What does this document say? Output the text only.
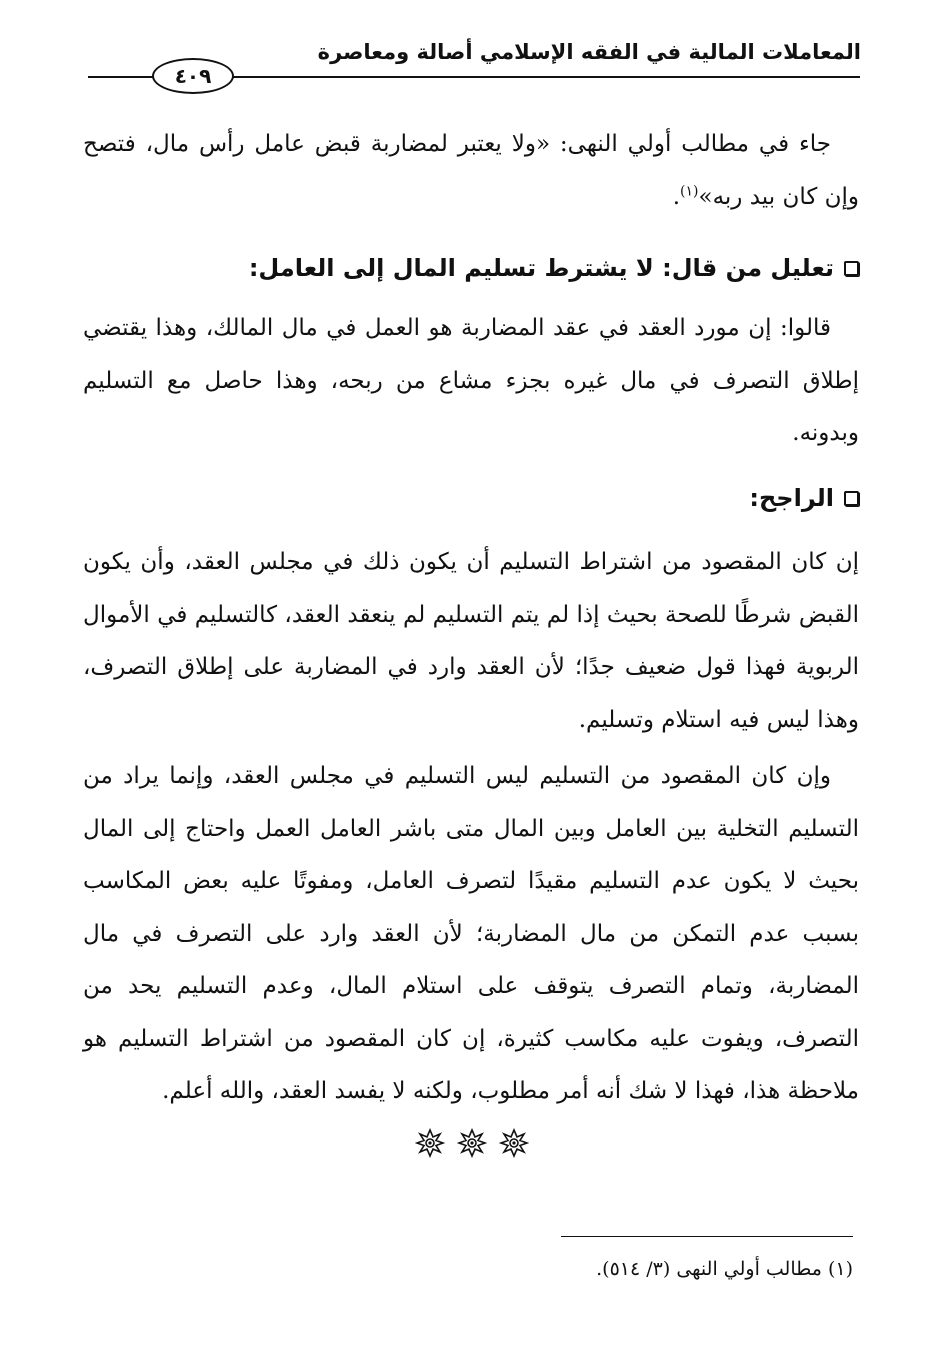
المعاملات المالية في الفقه الإسلامي أصالة ومعاصرة
٤٠٩

جاء في مطالب أولي النهى: «ولا يعتبر لمضاربة قبض عامل رأس مال، فتصح وإن كان بيد ربه»$^{(١)}$.

تعليل من قال: لا يشترط تسليم المال إلى العامل:

قالوا: إن مورد العقد في عقد المضاربة هو العمل في مال المالك، وهذا يقتضي إطلاق التصرف في مال غيره بجزء مشاع من ربحه، وهذا حاصل مع التسليم وبدونه.

الراجح:

إن كان المقصود من اشتراط التسليم أن يكون ذلك في مجلس العقد، وأن يكون القبض شرطًا للصحة بحيث إذا لم يتم التسليم لم ينعقد العقد، كالتسليم في الأموال الربوية فهذا قول ضعيف جدًا؛ لأن العقد وارد في المضاربة على إطلاق التصرف، وهذا ليس فيه استلام وتسليم.

وإن كان المقصود من التسليم ليس التسليم في مجلس العقد، وإنما يراد من التسليم التخلية بين العامل وبين المال متى باشر العامل العمل واحتاج إلى المال بحيث لا يكون عدم التسليم مقيدًا لتصرف العامل، ومفوتًا عليه بعض المكاسب بسبب عدم التمكن من مال المضاربة؛ لأن العقد وارد على التصرف في مال المضاربة، وتمام التصرف يتوقف على استلام المال، وعدم التسليم يحد من التصرف، ويفوت عليه مكاسب كثيرة، إن كان المقصود من اشتراط التسليم هو ملاحظة هذا، فهذا لا شك أنه أمر مطلوب، ولكنه لا يفسد العقد، والله أعلم.

(١) مطالب أولي النهى (٣/ ٥١٤).
